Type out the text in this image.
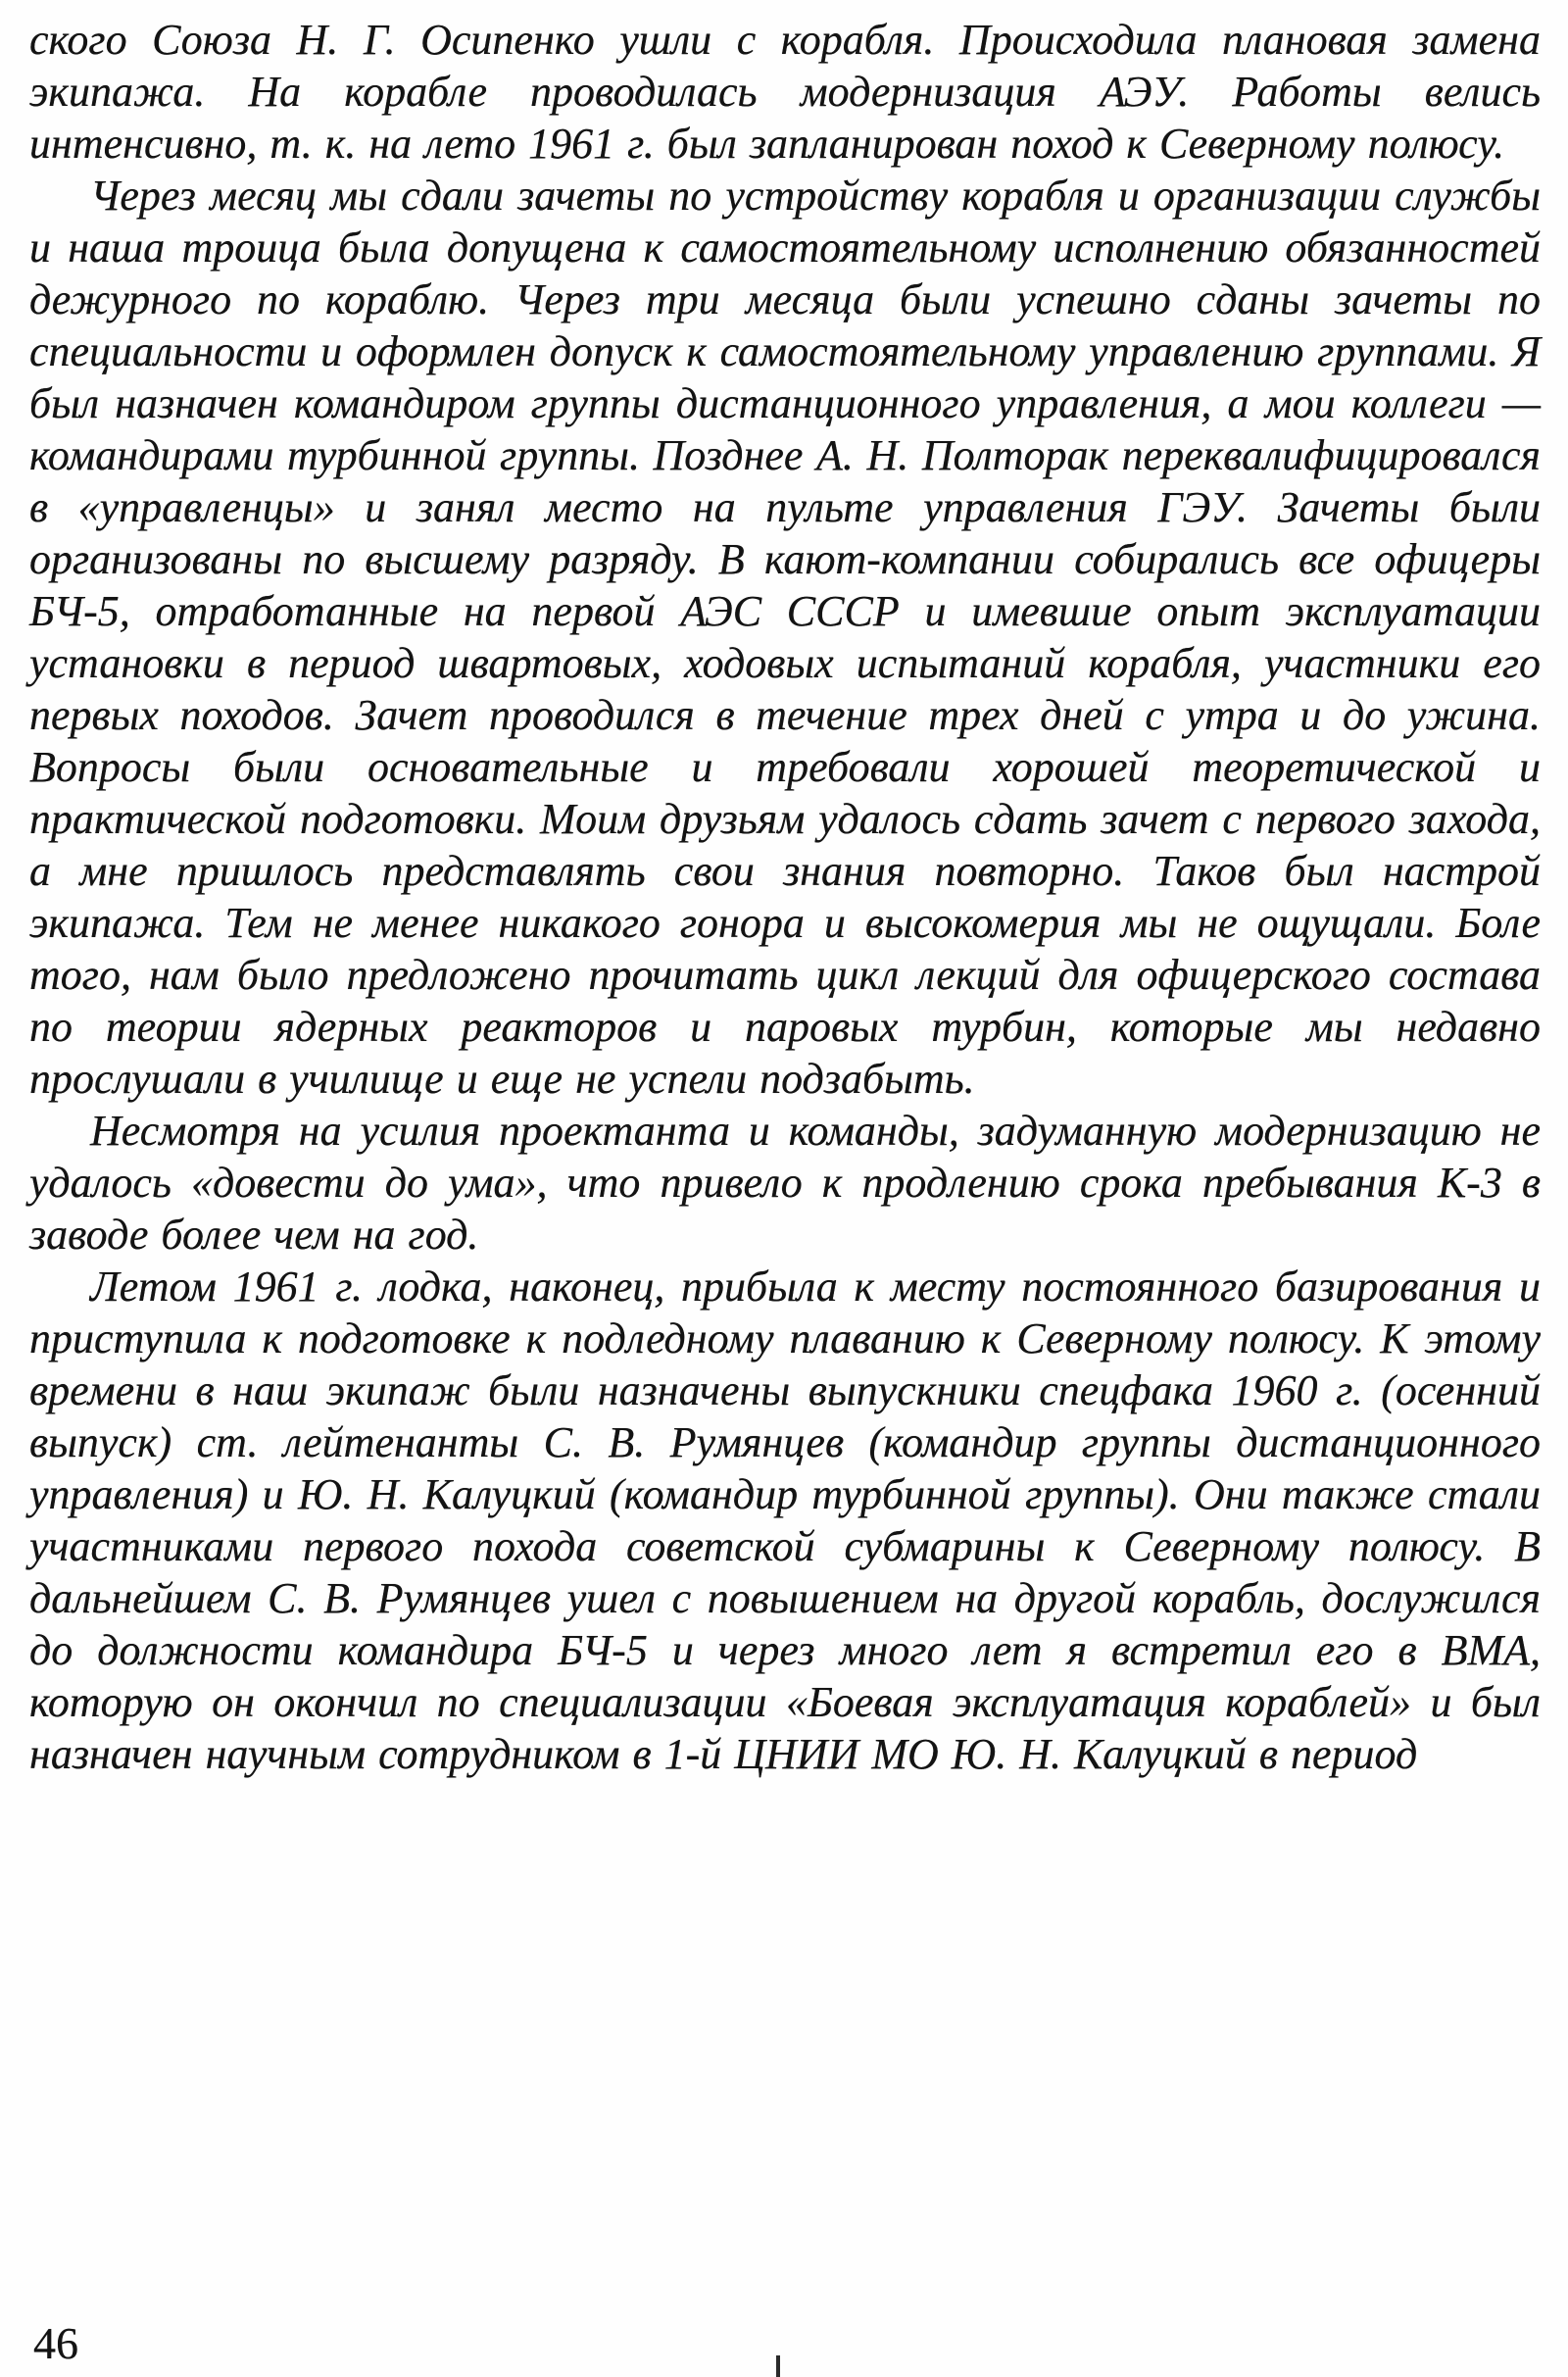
ского Союза Н. Г. Осипенко ушли с корабля. Происходила плановая замена экипажа. На корабле проводилась модернизация АЭУ. Работы велись интенсивно, т. к. на лето 1961 г. был запланирован поход к Северному полюсу.

Через месяц мы сдали зачеты по устройству корабля и организации службы и наша троица была допущена к самостоятельному исполнению обязанностей дежурного по кораблю. Через три месяца были успешно сданы зачеты по специальности и оформлен допуск к самостоятельному управлению группами. Я был назначен командиром группы дистанционного управления, а мои коллеги — командирами турбинной группы. Позднее А. Н. Полторак переквалифицировался в «управленцы» и занял место на пульте управления ГЭУ. Зачеты были организованы по высшему разряду. В кают-компании собирались все офицеры БЧ-5, отработанные на первой АЭС СССР и имевшие опыт эксплуатации установки в период швартовых, ходовых испытаний корабля, участники его первых походов. Зачет проводился в течение трех дней с утра и до ужина. Вопросы были основательные и требовали хорошей теоретической и практической подготовки. Моим друзьям удалось сдать зачет с первого захода, а мне пришлось представлять свои знания повторно. Таков был настрой экипажа. Тем не менее никакого гонора и высокомерия мы не ощущали. Боле того, нам было предложено прочитать цикл лекций для офицерского состава по теории ядерных реакторов и паровых турбин, которые мы недавно прослушали в училище и еще не успели подзабыть.

Несмотря на усилия проектанта и команды, задуманную модернизацию не удалось «довести до ума», что привело к продлению срока пребывания К-3 в заводе более чем на год.

Летом 1961 г. лодка, наконец, прибыла к месту постоянного базирования и приступила к подготовке к подледному плаванию к Северному полюсу. К этому времени в наш экипаж были назначены выпускники спецфака 1960 г. (осенний выпуск) ст. лейтенанты С. В. Румянцев (командир группы дистанционного управления) и Ю. Н. Калуцкий (командир турбинной группы). Они также стали участниками первого похода советской субмарины к Северному полюсу. В дальнейшем С. В. Румянцев ушел с повышением на другой корабль, дослужился до должности командира БЧ-5 и через много лет я встретил его в ВМА, которую он окончил по специализации «Боевая эксплуатация кораблей» и был назначен научным сотрудником в 1-й ЦНИИ МО Ю. Н. Калуцкий в период

46
